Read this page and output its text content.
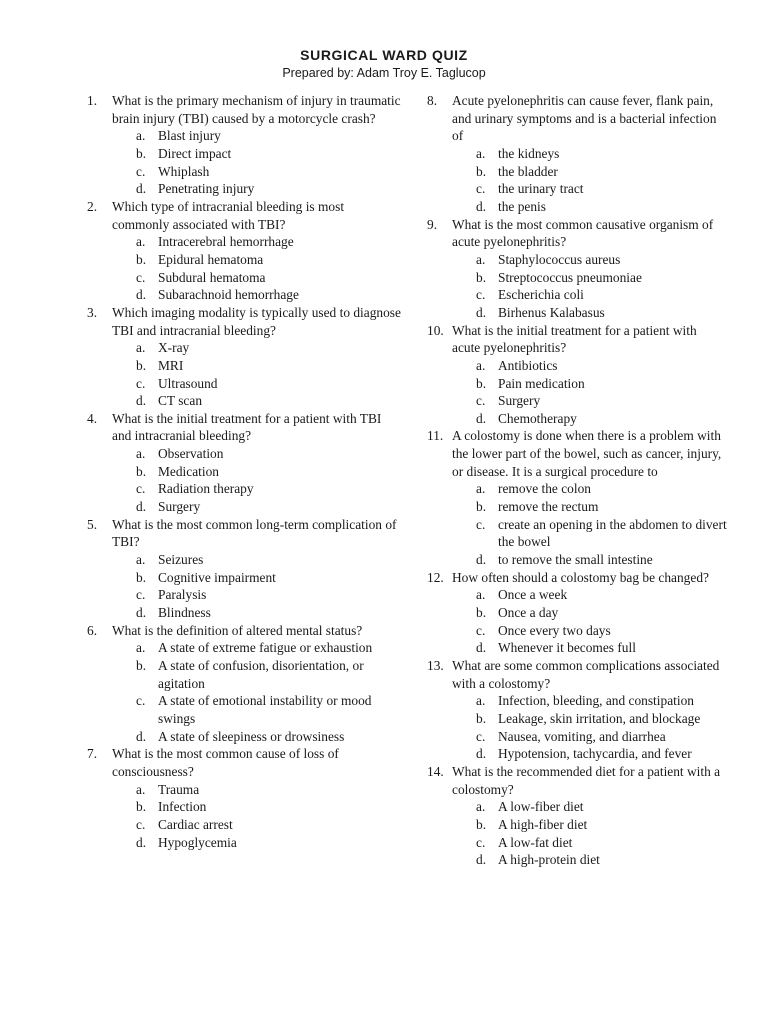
SURGICAL WARD QUIZ
Prepared by: Adam Troy E. Taglucop
1. What is the primary mechanism of injury in traumatic brain injury (TBI) caused by a motorcycle crash?
a. Blast injury
b. Direct impact
c. Whiplash
d. Penetrating injury
2. Which type of intracranial bleeding is most commonly associated with TBI?
a. Intracerebral hemorrhage
b. Epidural hematoma
c. Subdural hematoma
d. Subarachnoid hemorrhage
3. Which imaging modality is typically used to diagnose TBI and intracranial bleeding?
a. X-ray
b. MRI
c. Ultrasound
d. CT scan
4. What is the initial treatment for a patient with TBI and intracranial bleeding?
a. Observation
b. Medication
c. Radiation therapy
d. Surgery
5. What is the most common long-term complication of TBI?
a. Seizures
b. Cognitive impairment
c. Paralysis
d. Blindness
6. What is the definition of altered mental status?
a. A state of extreme fatigue or exhaustion
b. A state of confusion, disorientation, or agitation
c. A state of emotional instability or mood swings
d. A state of sleepiness or drowsiness
7. What is the most common cause of loss of consciousness?
a. Trauma
b. Infection
c. Cardiac arrest
d. Hypoglycemia
8. Acute pyelonephritis can cause fever, flank pain, and urinary symptoms and is a bacterial infection of
a. the kidneys
b. the bladder
c. the urinary tract
d. the penis
9. What is the most common causative organism of acute pyelonephritis?
a. Staphylococcus aureus
b. Streptococcus pneumoniae
c. Escherichia coli
d. Birhenus Kalabasus
10. What is the initial treatment for a patient with acute pyelonephritis?
a. Antibiotics
b. Pain medication
c. Surgery
d. Chemotherapy
11. A colostomy is done when there is a problem with the lower part of the bowel, such as cancer, injury, or disease. It is a surgical procedure to
a. remove the colon
b. remove the rectum
c. create an opening in the abdomen to divert the bowel
d. to remove the small intestine
12. How often should a colostomy bag be changed?
a. Once a week
b. Once a day
c. Once every two days
d. Whenever it becomes full
13. What are some common complications associated with a colostomy?
a. Infection, bleeding, and constipation
b. Leakage, skin irritation, and blockage
c. Nausea, vomiting, and diarrhea
d. Hypotension, tachycardia, and fever
14. What is the recommended diet for a patient with a colostomy?
a. A low-fiber diet
b. A high-fiber diet
c. A low-fat diet
d. A high-protein diet
